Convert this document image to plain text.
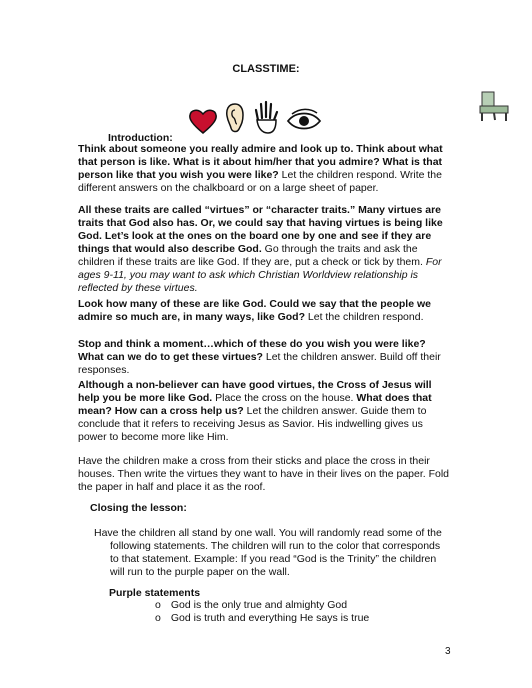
CLASSTIME:
Introduction:
Think about someone you really admire and look up to. Think about what that person is like. What is it about him/her that you admire? What is that person like that you wish you were like? Let the children respond. Write the different answers on the chalkboard or on a large sheet of paper.
All these traits are called “virtues” or “character traits.” Many virtues are traits that God also has. Or, we could say that having virtues is being like God. Let’s look at the ones on the board one by one and see if they are things that would also describe God. Go through the traits and ask the children if these traits are like God. If they are, put a check or tick by them. For ages 9-11, you may want to ask which Christian Worldview relationship is reflected by these virtues.
Look how many of these are like God. Could we say that the people we admire so much are, in many ways, like God? Let the children respond.
Stop and think a moment…which of these do you wish you were like? What can we do to get these virtues? Let the children answer. Build off their responses.
Although a non-believer can have good virtues, the Cross of Jesus will help you be more like God. Place the cross on the house. What does that mean? How can a cross help us? Let the children answer. Guide them to conclude that it refers to receiving Jesus as Savior. His indwelling gives us power to become more like Him.
Have the children make a cross from their sticks and place the cross in their houses. Then write the virtues they want to have in their lives on the paper. Fold the paper in half and place it as the roof.
Closing the lesson:
Have the children all stand by one wall. You will randomly read some of the
following statements. The children will run to the color that corresponds to that statement. Example: If you read “God is the Trinity” the children will run to the purple paper on the wall.
Purple statements
o God is the only true and almighty God
o God is truth and everything He says is true
3
